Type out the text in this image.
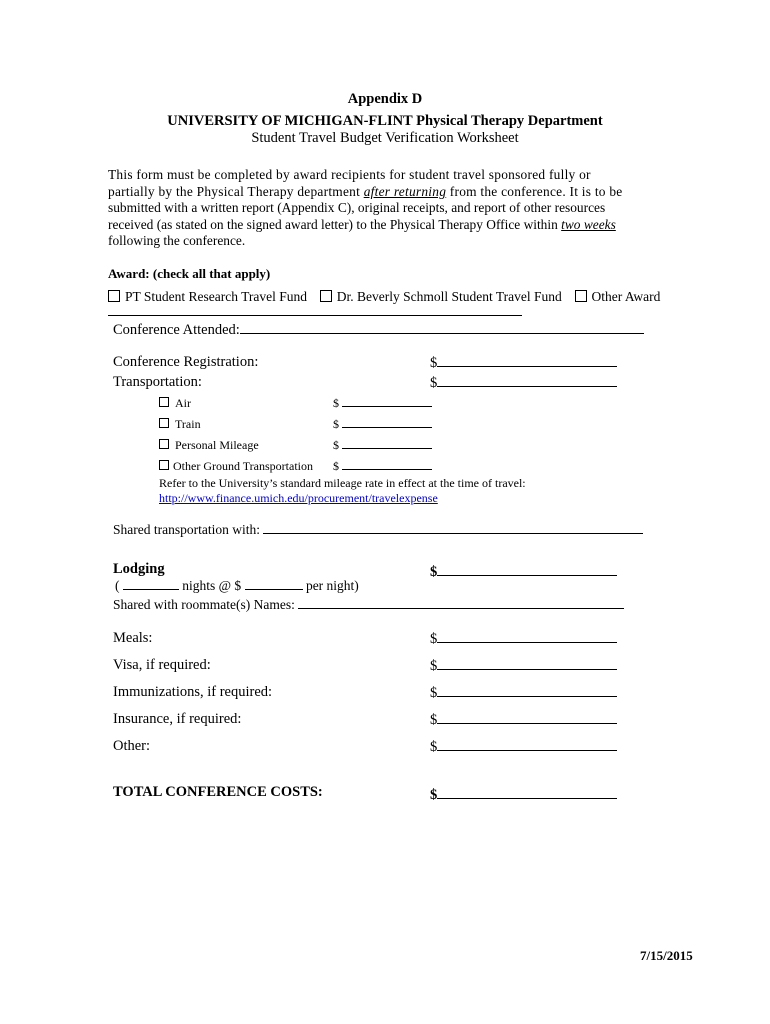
Appendix D
UNIVERSITY OF MICHIGAN-FLINT Physical Therapy Department
Student Travel Budget Verification Worksheet

This form must be completed by award recipients for student travel sponsored fully or

partially by the Physical Therapy department after returning from the conference. It is to be

submitted with a written report (Appendix C), original receipts, and report of other resources

received (as stated on the signed award letter) to the Physical Therapy Office within two weeks

following the conference.

Award: (check all that apply)
PT Student Research Travel Fund Dr. Beverly Schmoll Student Travel Fund Other Award
Conference Attended:
Conference Registration:	$
Transportation:	$
Air	$
Train	$
Personal Mileage	$
Other Ground Transportation $
Refer to the University’s standard mileage rate in effect at the time of travel:
http://www.finance.umich.edu/procurement/travelexpense
Shared transportation with:
Lodging	$
(	nights @ $	per night)
Shared with roommate(s) Names:
Meals:	$
Visa, if required:	$
Immunizations, if required:	$
Insurance, if required:	$
Other:	$
TOTAL CONFERENCE COSTS:	$
7/15/2015
